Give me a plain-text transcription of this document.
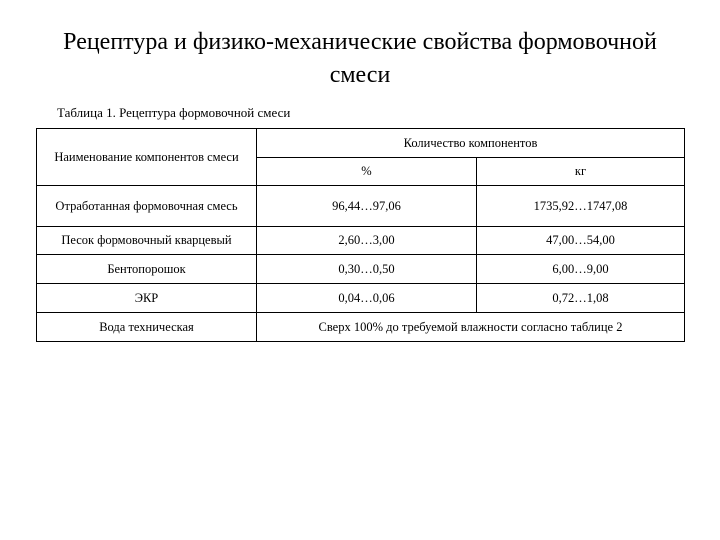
Рецептура и физико-механические свойства формовочной смеси
Таблица 1. Рецептура формовочной смеси
Наименование компонентов смеси	Количество компонентов	
	%	кг
Отработанная формовочная смесь	96,44…97,06	1735,92…1747,08
Песок формовочный кварцевый	2,60…3,00	47,00…54,00
Бентопорошок	0,30…0,50	6,00…9,00
ЭКР	0,04…0,06	0,72…1,08
Вода техническая	Сверх 100% до требуемой влажности согласно таблице 2	
